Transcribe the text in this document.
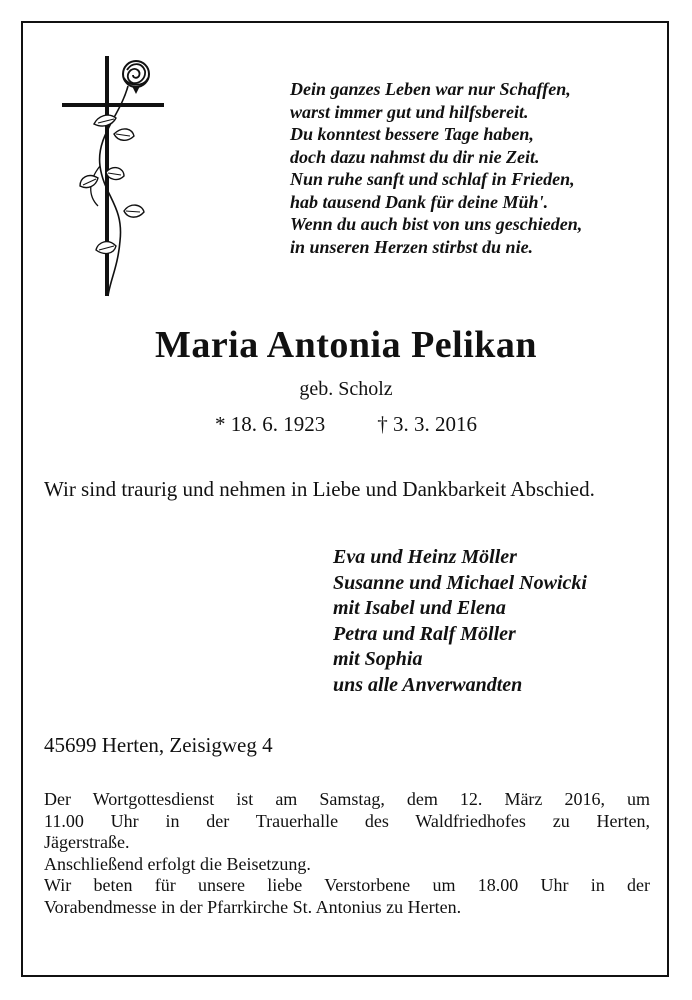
Dein ganzes Leben war nur Schaffen,
warst immer gut und hilfsbereit.
Du konntest bessere Tage haben,
doch dazu nahmst du dir nie Zeit.
Nun ruhe sanft und schlaf in Frieden,
hab tausend Dank für deine Müh'.
Wenn du auch bist von uns geschieden,
in unseren Herzen stirbst du nie.
Maria Antonia Pelikan
geb. Scholz
* 18. 6. 1923 † 3. 3. 2016
Wir sind traurig und nehmen in Liebe und Dankbarkeit Abschied.
Eva und Heinz Möller
Susanne und Michael Nowicki
mit Isabel und Elena
Petra und Ralf Möller
mit Sophia
uns alle Anverwandten
45699 Herten, Zeisigweg 4
Der Wortgottesdienst ist am Samstag, dem 12. März 2016, um
11.00 Uhr in der Trauerhalle des Waldfriedhofes zu Herten,
Jägerstraße.
Anschließend erfolgt die Beisetzung.
Wir beten für unsere liebe Verstorbene um 18.00 Uhr in der
Vorabendmesse in der Pfarrkirche St. Antonius zu Herten.
